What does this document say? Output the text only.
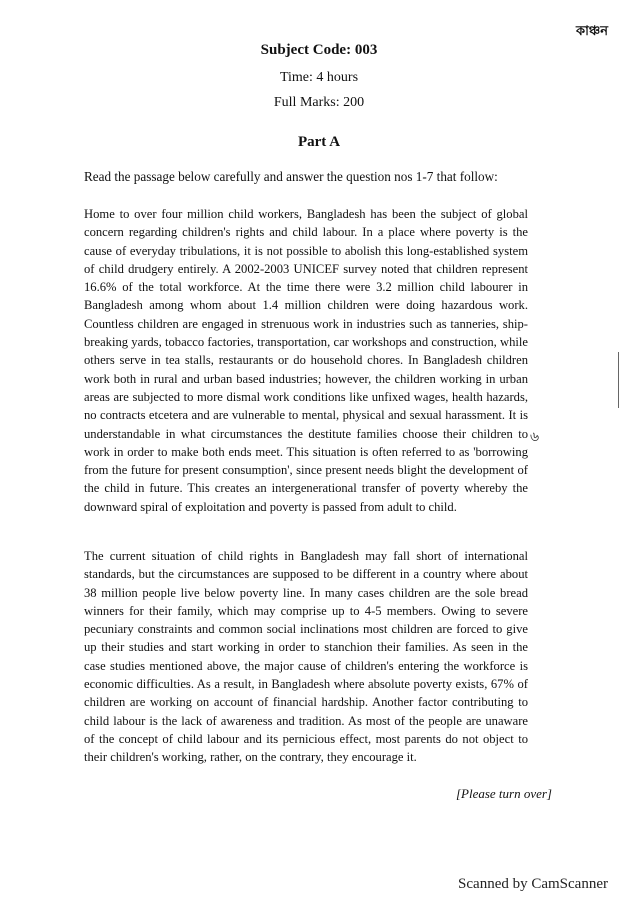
কাঞ্চন
Subject Code: 003
Time: 4 hours
Full Marks: 200
Part A
Read the passage below carefully and answer the question nos 1-7 that follow:
Home to over four million child workers, Bangladesh has been the subject of global concern regarding children's rights and child labour. In a place where poverty is the cause of everyday tribulations, it is not possible to abolish this long-established system of child drudgery entirely. A 2002-2003 UNICEF survey noted that children represent 16.6% of the total workforce. At the time there were 3.2 million child labourer in Bangladesh among whom about 1.4 million children were doing hazardous work. Countless children are engaged in strenuous work in industries such as tanneries, ship-breaking yards, tobacco factories, transportation, car workshops and construction, while others serve in tea stalls, restaurants or do household chores. In Bangladesh children work both in rural and urban based industries; however, the children working in urban areas are subjected to more dismal work conditions like unfixed wages, health hazards, no contracts etcetera and are vulnerable to mental, physical and sexual harassment. It is understandable in what circumstances the destitute families choose their children to work in order to make both ends meet. This situation is often referred to as 'borrowing from the future for present consumption', since present needs blight the development of the child in future. This creates an intergenerational transfer of poverty whereby the downward spiral of exploitation and poverty is passed from adult to child.
৬
The current situation of child rights in Bangladesh may fall short of international standards, but the circumstances are supposed to be different in a country where about 38 million people live below poverty line. In many cases children are the sole bread winners for their family, which may comprise up to 4-5 members. Owing to severe pecuniary constraints and common social inclinations most children are forced to give up their studies and start working in order to stanchion their families. As seen in the case studies mentioned above, the major cause of children's entering the workforce is economic difficulties. As a result, in Bangladesh where absolute poverty exists, 67% of children are working on account of financial hardship. Another factor contributing to child labour is the lack of awareness and tradition. As most of the people are unaware of the concept of child labour and its pernicious effect, most parents do not object to their children's working, rather, on the contrary, they encourage it.
[Please turn over]
Scanned by CamScanner
